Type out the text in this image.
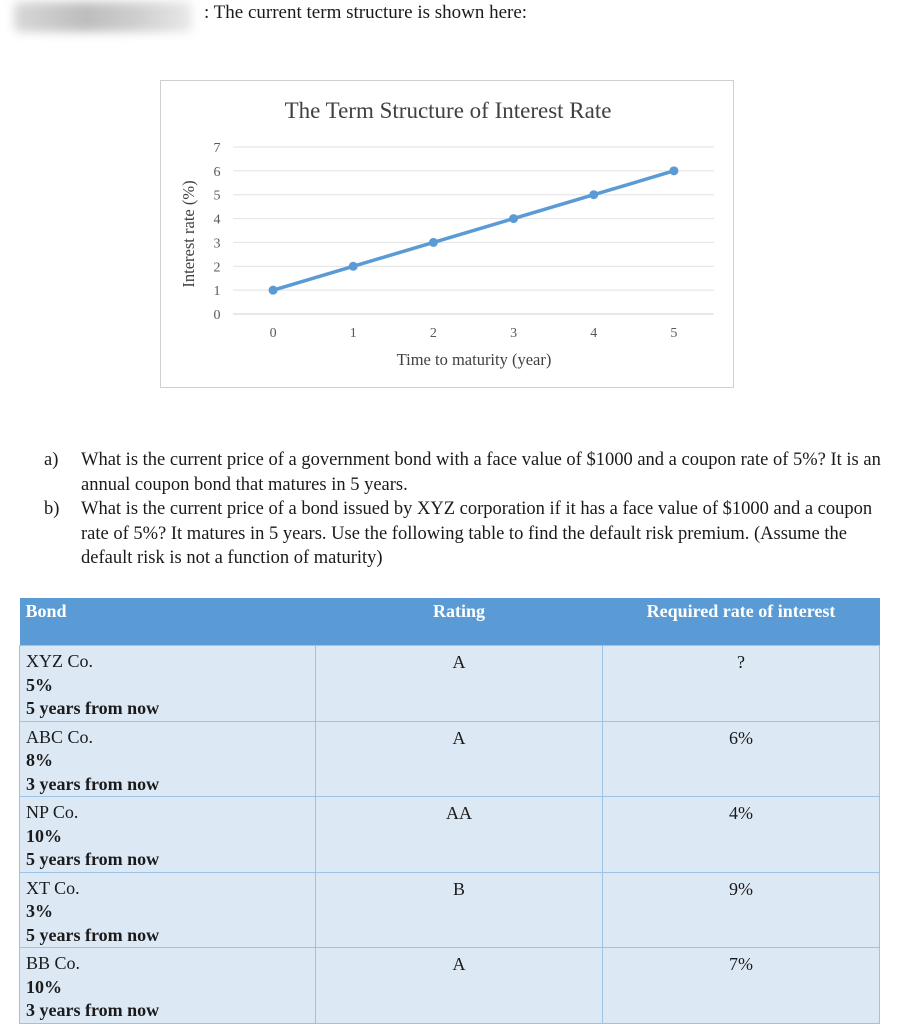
: The current term structure is shown here:
The Term Structure of Interest Rate
Time to maturity (year)
Interest rate (%)
0
1
2
3
4
5
6
7
0	1	2	3	4	5
a)	What is the current price of a government bond with a face value of $1000 and a coupon rate of 5%? It is an annual coupon bond that matures in 5 years.
b)	What is the current price of a bond issued by XYZ corporation if it has a face value of $1000 and a coupon rate of 5%? It matures in 5 years. Use the following table to find the default risk premium. (Assume the default risk is not a function of maturity)
Bond	Rating	Required rate of interest

XYZ Co.
5%
5 years from now	A	?

ABC Co.
8%
3 years from now	A	6%

NP Co.
10%
5 years from now	AA	4%

XT Co.
3%
5 years from now	B	9%

BB Co.
10%
3 years from now	A	7%
